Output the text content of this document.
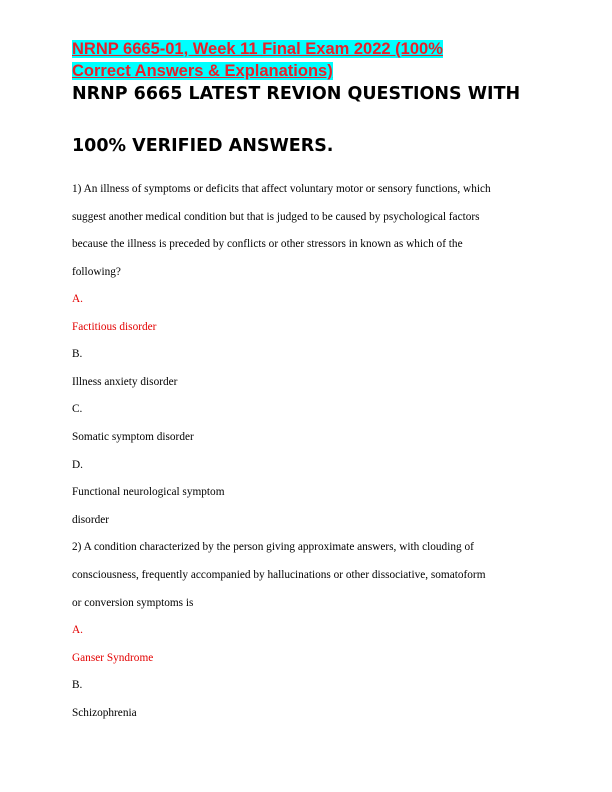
NRNP 6665-01, Week 11 Final Exam 2022 (100% Correct Answers & Explanations)
NRNP 6665 LATEST REVION QUESTIONS WITH
100% VERIFIED ANSWERS.
1) An illness of symptoms or deficits that affect voluntary motor or sensory functions, which
suggest another medical condition but that is judged to be caused by psychological factors
because the illness is preceded by conflicts or other stressors in known as which of the
following?
A.
Factitious disorder
B.
Illness anxiety disorder
C.
Somatic symptom disorder
D.
Functional neurological symptom
disorder
2) A condition characterized by the person giving approximate answers, with clouding of
consciousness, frequently accompanied by hallucinations or other dissociative, somatoform
or conversion symptoms is
A.
Ganser Syndrome
B.
Schizophrenia
